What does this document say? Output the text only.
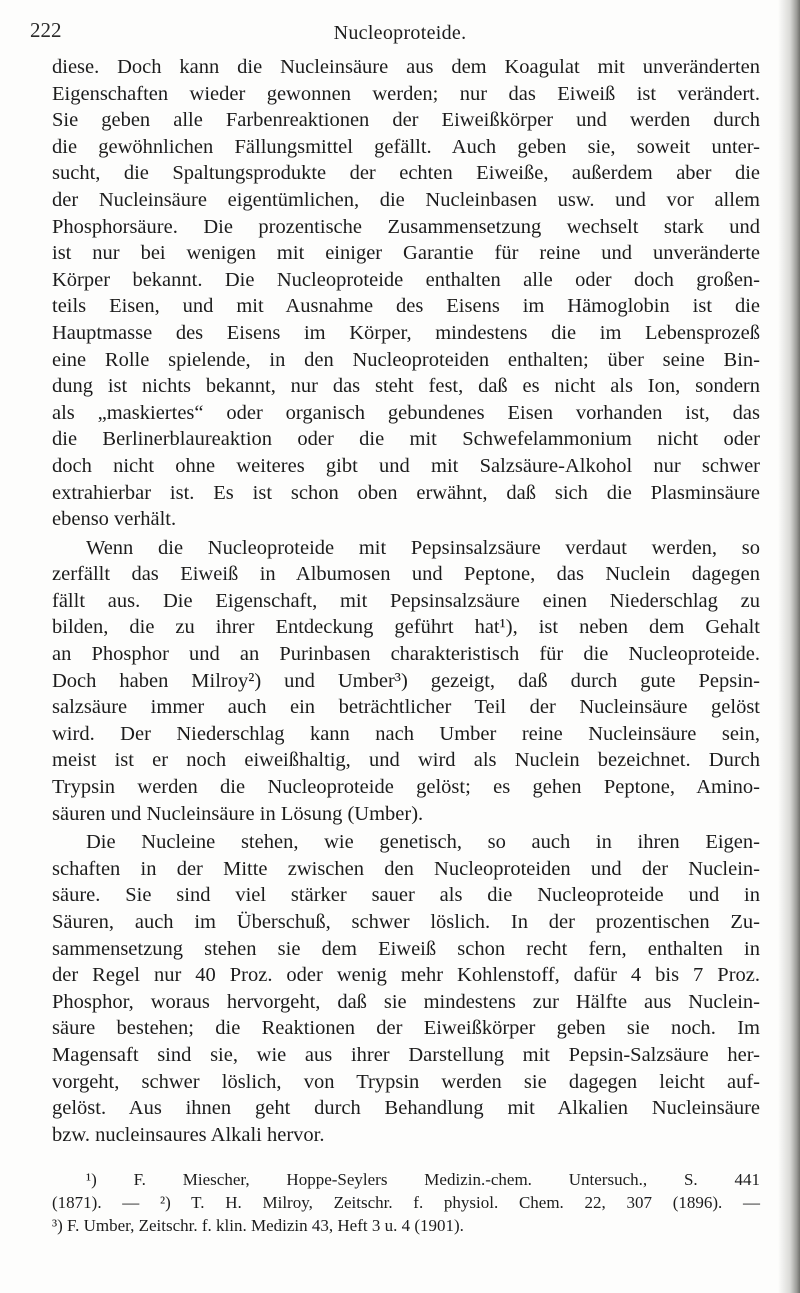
222	Nucleoproteide.
diese. Doch kann die Nucleinsäure aus dem Koagulat mit unveränderten
Eigenschaften wieder gewonnen werden; nur das Eiweiß ist verändert.
Sie geben alle Farbenreaktionen der Eiweißkörper und werden durch
die gewöhnlichen Fällungsmittel gefällt. Auch geben sie, soweit unter-
sucht, die Spaltungsprodukte der echten Eiweiße, außerdem aber die
der Nucleinsäure eigentümlichen, die Nucleinbasen usw. und vor allem
Phosphorsäure. Die prozentische Zusammensetzung wechselt stark und
ist nur bei wenigen mit einiger Garantie für reine und unveränderte
Körper bekannt. Die Nucleoproteide enthalten alle oder doch großen-
teils Eisen, und mit Ausnahme des Eisens im Hämoglobin ist die
Hauptmasse des Eisens im Körper, mindestens die im Lebensprozeß
eine Rolle spielende, in den Nucleoproteiden enthalten; über seine Bin-
dung ist nichts bekannt, nur das steht fest, daß es nicht als Ion, sondern
als „maskiertes“ oder organisch gebundenes Eisen vorhanden ist, das
die Berlinerblaureaktion oder die mit Schwefelammonium nicht oder
doch nicht ohne weiteres gibt und mit Salzsäure-Alkohol nur schwer
extrahierbar ist. Es ist schon oben erwähnt, daß sich die Plasminsäure
ebenso verhält.
Wenn die Nucleoproteide mit Pepsinsalzsäure verdaut werden, so
zerfällt das Eiweiß in Albumosen und Peptone, das Nuclein dagegen
fällt aus. Die Eigenschaft, mit Pepsinsalzsäure einen Niederschlag zu
bilden, die zu ihrer Entdeckung geführt hat¹), ist neben dem Gehalt
an Phosphor und an Purinbasen charakteristisch für die Nucleoproteide.
Doch haben Milroy²) und Umber³) gezeigt, daß durch gute Pepsin-
salzsäure immer auch ein beträchtlicher Teil der Nucleinsäure gelöst
wird. Der Niederschlag kann nach Umber reine Nucleinsäure sein,
meist ist er noch eiweißhaltig, und wird als Nuclein bezeichnet. Durch
Trypsin werden die Nucleoproteide gelöst; es gehen Peptone, Amino-
säuren und Nucleinsäure in Lösung (Umber).
Die Nucleine stehen, wie genetisch, so auch in ihren Eigen-
schaften in der Mitte zwischen den Nucleoproteiden und der Nuclein-
säure. Sie sind viel stärker sauer als die Nucleoproteide und in
Säuren, auch im Überschuß, schwer löslich. In der prozentischen Zu-
sammensetzung stehen sie dem Eiweiß schon recht fern, enthalten in
der Regel nur 40 Proz. oder wenig mehr Kohlenstoff, dafür 4 bis 7 Proz.
Phosphor, woraus hervorgeht, daß sie mindestens zur Hälfte aus Nuclein-
säure bestehen; die Reaktionen der Eiweißkörper geben sie noch. Im
Magensaft sind sie, wie aus ihrer Darstellung mit Pepsin-Salzsäure her-
vorgeht, schwer löslich, von Trypsin werden sie dagegen leicht auf-
gelöst. Aus ihnen geht durch Behandlung mit Alkalien Nucleinsäure
bzw. nucleinsaures Alkali hervor.
¹) F. Miescher, Hoppe-Seylers Medizin.-chem. Untersuch., S. 441
(1871). — ²) T. H. Milroy, Zeitschr. f. physiol. Chem. 22, 307 (1896). —
³) F. Umber, Zeitschr. f. klin. Medizin 43, Heft 3 u. 4 (1901).
